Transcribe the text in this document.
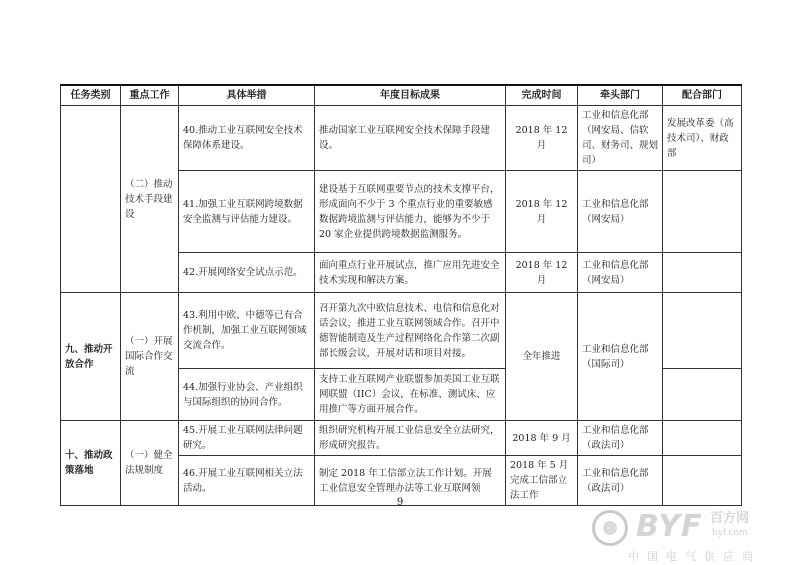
任务类别	重点工作	具体举措	年度目标成果	完成时间	牵头部门	配合部门
	（二）推动技术手段建设	40.推动工业互联网安全技术保障体系建设。	推动国家工业互联网安全技术保障手段建设。	2018 年 12 月	工业和信息化部（网安局、信软司、财务司、规划司）	发展改革委（高技术司）、财政部
		41.加强工业互联网跨境数据安全监测与评估能力建设。	建设基于互联网重要节点的技术支撑平台，形成面向不少于 3 个重点行业的重要敏感数据跨境监测与评估能力，能够为不少于 20 家企业提供跨境数据监测服务。	2018 年 12 月	工业和信息化部（网安局）	
		42.开展网络安全试点示范。	面向重点行业开展试点，推广应用先进安全技术实现和解决方案。	2018 年 12 月	工业和信息化部（网安局）	
九、推动开放合作	（一）开展国际合作交流	43.利用中欧、中德等已有合作机制，加强工业互联网领域交流合作。	召开第九次中欧信息技术、电信和信息化对话会议，推进工业互联网领域合作。召开中德智能制造及生产过程网络化合作第二次副部长级会议，开展对话和项目对接。	全年推进	工业和信息化部（国际司）	
		44.加强行业协会、产业组织与国际组织的协同合作。	支持工业互联网产业联盟参加美国工业互联网联盟（IIC）会议，在标准、测试床、应用推广等方面开展合作。			
十、推动政策落地	（一）健全法规制度	45.开展工业互联网法律问题研究。	组织研究机构开展工业信息安全立法研究，形成研究报告。	2018 年 9 月	工业和信息化部（政法司）	
		46.开展工业互联网相关立法活动。	制定 2018 年工信部立法工作计划。开展工业信息安全管理办法等工业互联网领	2018 年 5 月完成工信部立法工作	工业和信息化部（政法司）	
9
BYF 百方网
byf.com
中国电气供应商
